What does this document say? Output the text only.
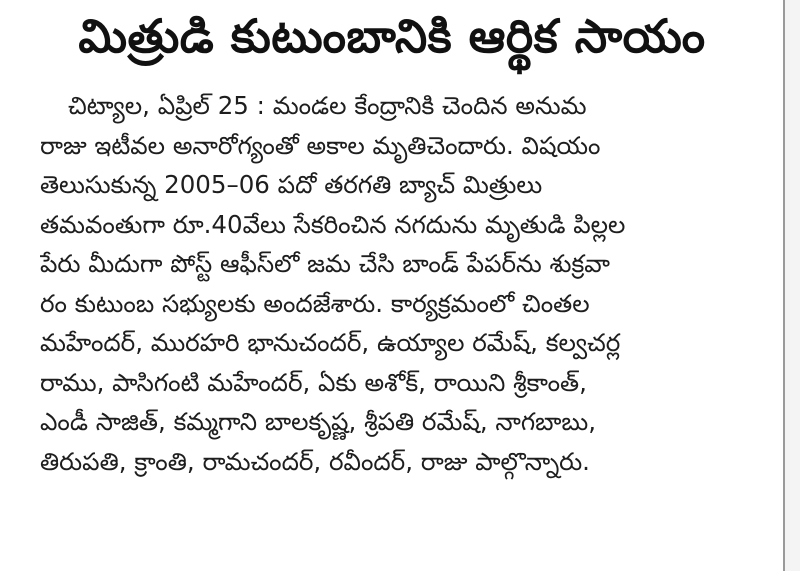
మిత్రుడి కుటుంబానికి ఆర్థిక సాయం
చిట్యాల, ఏప్రిల్ 25 : మండల కేంద్రానికి చెందిన అనుమ
రాజు ఇటీవల అనారోగ్యంతో అకాల మృతిచెందారు. విషయం
తెలుసుకున్న 2005–06 పదో తరగతి బ్యాచ్ మిత్రులు
తమవంతుగా రూ.40వేలు సేకరించిన నగదును మృతుడి పిల్లల
పేరు మీదుగా పోస్ట్ ఆఫీస్‌లో జమ చేసి బాండ్ పేపర్‌ను శుక్రవా
రం కుటుంబ సభ్యులకు అందజేశారు. కార్యక్రమంలో చింతల
మహేందర్, మురహరి భానుచందర్, ఉయ్యాల రమేష్, కల్వచర్ల
రాము, పాసిగంటి మహేందర్, ఏకు అశోక్, రాయిని శ్రీకాంత్,
ఎండీ సాజిత్, కమ్మగాని బాలకృష్ణ, శ్రీపతి రమేష్, నాగబాబు,
తిరుపతి, క్రాంతి, రామచందర్, రవీందర్, రాజు పాల్గొన్నారు.
